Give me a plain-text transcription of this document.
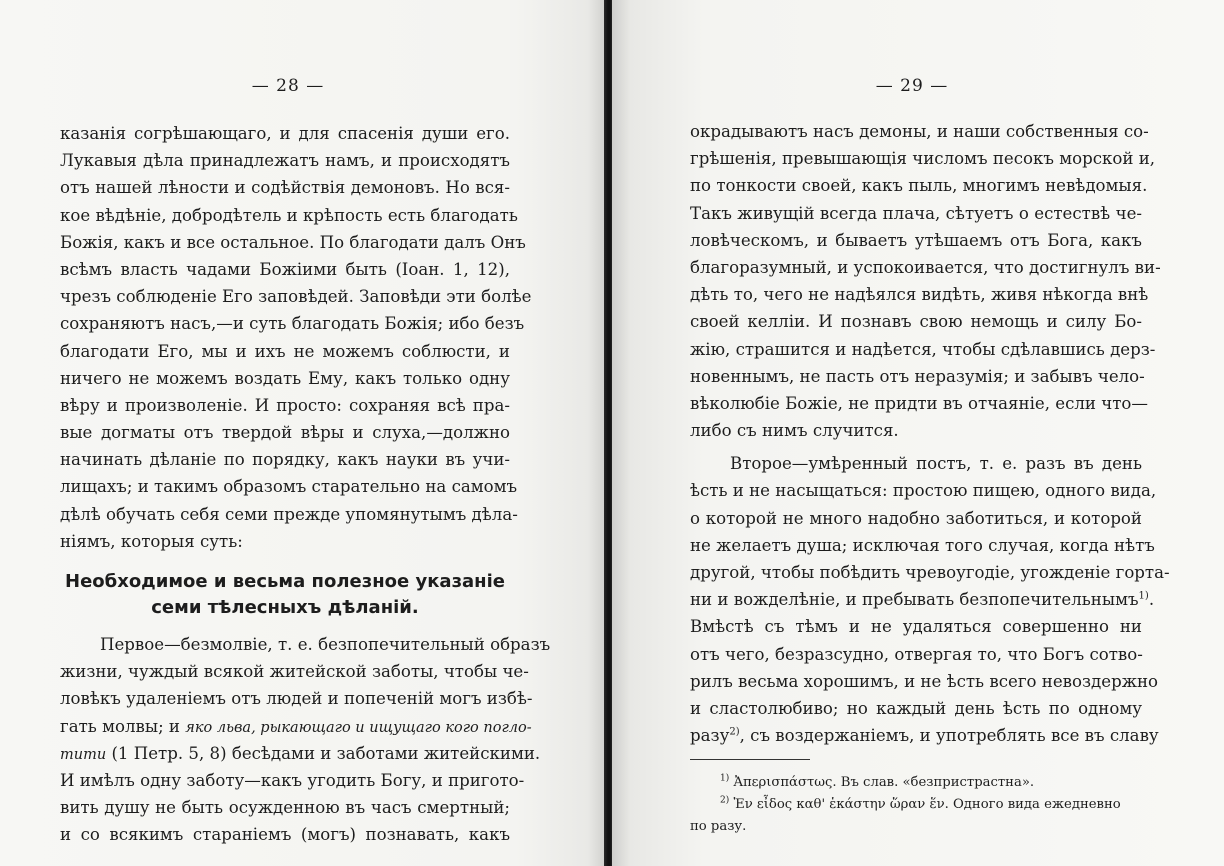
— 28 —
казанія согрѣшающаго, и для спасенія души его.
Лукавыя дѣла принадлежатъ намъ, и происходятъ
отъ нашей лѣности и содѣйствія демоновъ. Но вся-
кое вѣдѣніе, добродѣтель и крѣпость есть благодать
Божія, какъ и все остальное. По благодати далъ Онъ
всѣмъ власть чадами Божіими быть (Іоан. 1, 12),
чрезъ соблюденіе Его заповѣдей. Заповѣди эти болѣе
сохраняютъ насъ,—и суть благодать Божія; ибо безъ
благодати Его, мы и ихъ не можемъ соблюсти, и
ничего не можемъ воздать Ему, какъ только одну
вѣру и произволеніе. И просто: сохраняя всѣ пра-
вые догматы отъ твердой вѣры и слуха,—должно
начинать дѣланіе по порядку, какъ науки въ учи-
лищахъ; и такимъ образомъ старательно на самомъ
дѣлѣ обучать себя семи прежде упомянутымъ дѣла-
ніямъ, которыя суть:
Необходимое и весьма полезное указаніе
семи тѣлесныхъ дѣланій.
Первое—безмолвіе, т. е. безпопечительный образъ
жизни, чуждый всякой житейской заботы, чтобы че-
ловѣкъ удаленіемъ отъ людей и попеченій могъ избѣ-
гать молвы; и яко льва, рыкающаго и ищущаго кого погло-
тити (1 Петр. 5, 8) бесѣдами и заботами житейскими.
И имѣлъ одну заботу—какъ угодить Богу, и пригото-
вить душу не быть осужденною въ часъ смертный;
и со всякимъ стараніемъ (могъ) познавать, какъ
— 29 —
окрадываютъ насъ демоны, и наши собственныя со-
грѣшенія, превышающія числомъ песокъ морской и,
по тонкости своей, какъ пыль, многимъ невѣдомыя.
Такъ живущій всегда плача, сѣтуетъ о естествѣ че-
ловѣческомъ, и бываетъ утѣшаемъ отъ Бога, какъ
благоразумный, и успокоивается, что достигнулъ ви-
дѣть то, чего не надѣялся видѣть, живя нѣкогда внѣ
своей келліи. И познавъ свою немощь и силу Бо-
жію, страшится и надѣется, чтобы сдѣлавшись дерз-
новеннымъ, не пасть отъ неразумія; и забывъ чело-
вѣколюбіе Божіе, не придти въ отчаяніе, если что—
либо съ нимъ случится.
Второе—умѣренный постъ, т. е. разъ въ день
ѣсть и не насыщаться: простою пищею, одного вида,
о которой не много надобно заботиться, и которой
не желаетъ душа; исключая того случая, когда нѣтъ
другой, чтобы побѣдить чревоугодіе, угожденіе горта-
ни и вожделѣніе, и пребывать безпопечительнымъ$^{1)}$.
Вмѣстѣ съ тѣмъ и не удаляться совершенно ни
отъ чего, безразсудно, отвергая то, что Богъ сотво-
рилъ весьма хорошимъ, и не ѣсть всего невоздержно
и сластолюбиво; но каждый день ѣсть по одному
разу$^{2)}$, съ воздержаніемъ, и употреблять все въ славу
$^{1)}$ Ἀπερισπάστως. Въ слав. «безпристрастна».
$^{2)}$ Ἐν εἶδος καθ' ἑκάστην ὥραν ἕν. Одного вида ежедневно
по разу.
